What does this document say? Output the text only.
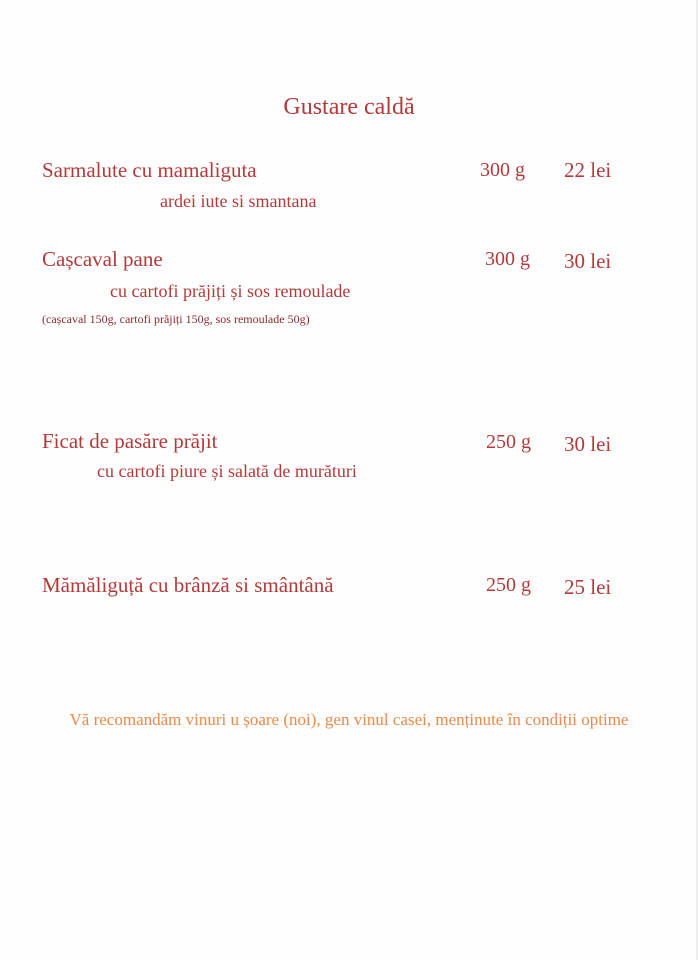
Gustare caldă
Sarmalute cu mamaliguta	300 g 22 lei
ardei iute si smantana
Cașcaval pane	300 g 30 lei
cu cartofi prăjiți și sos remoulade
(cașcaval 150g, cartofi prăjiți 150g, sos remoulade 50g)
Ficat de pasăre prăjit	250 g 30 lei
cu cartofi piure și salată de murături
Mămăliguță cu brânză si smântână	250 g 25 lei
Vă recomandăm vinuri u șoare (noi), gen vinul casei, menținute în condiții optime
